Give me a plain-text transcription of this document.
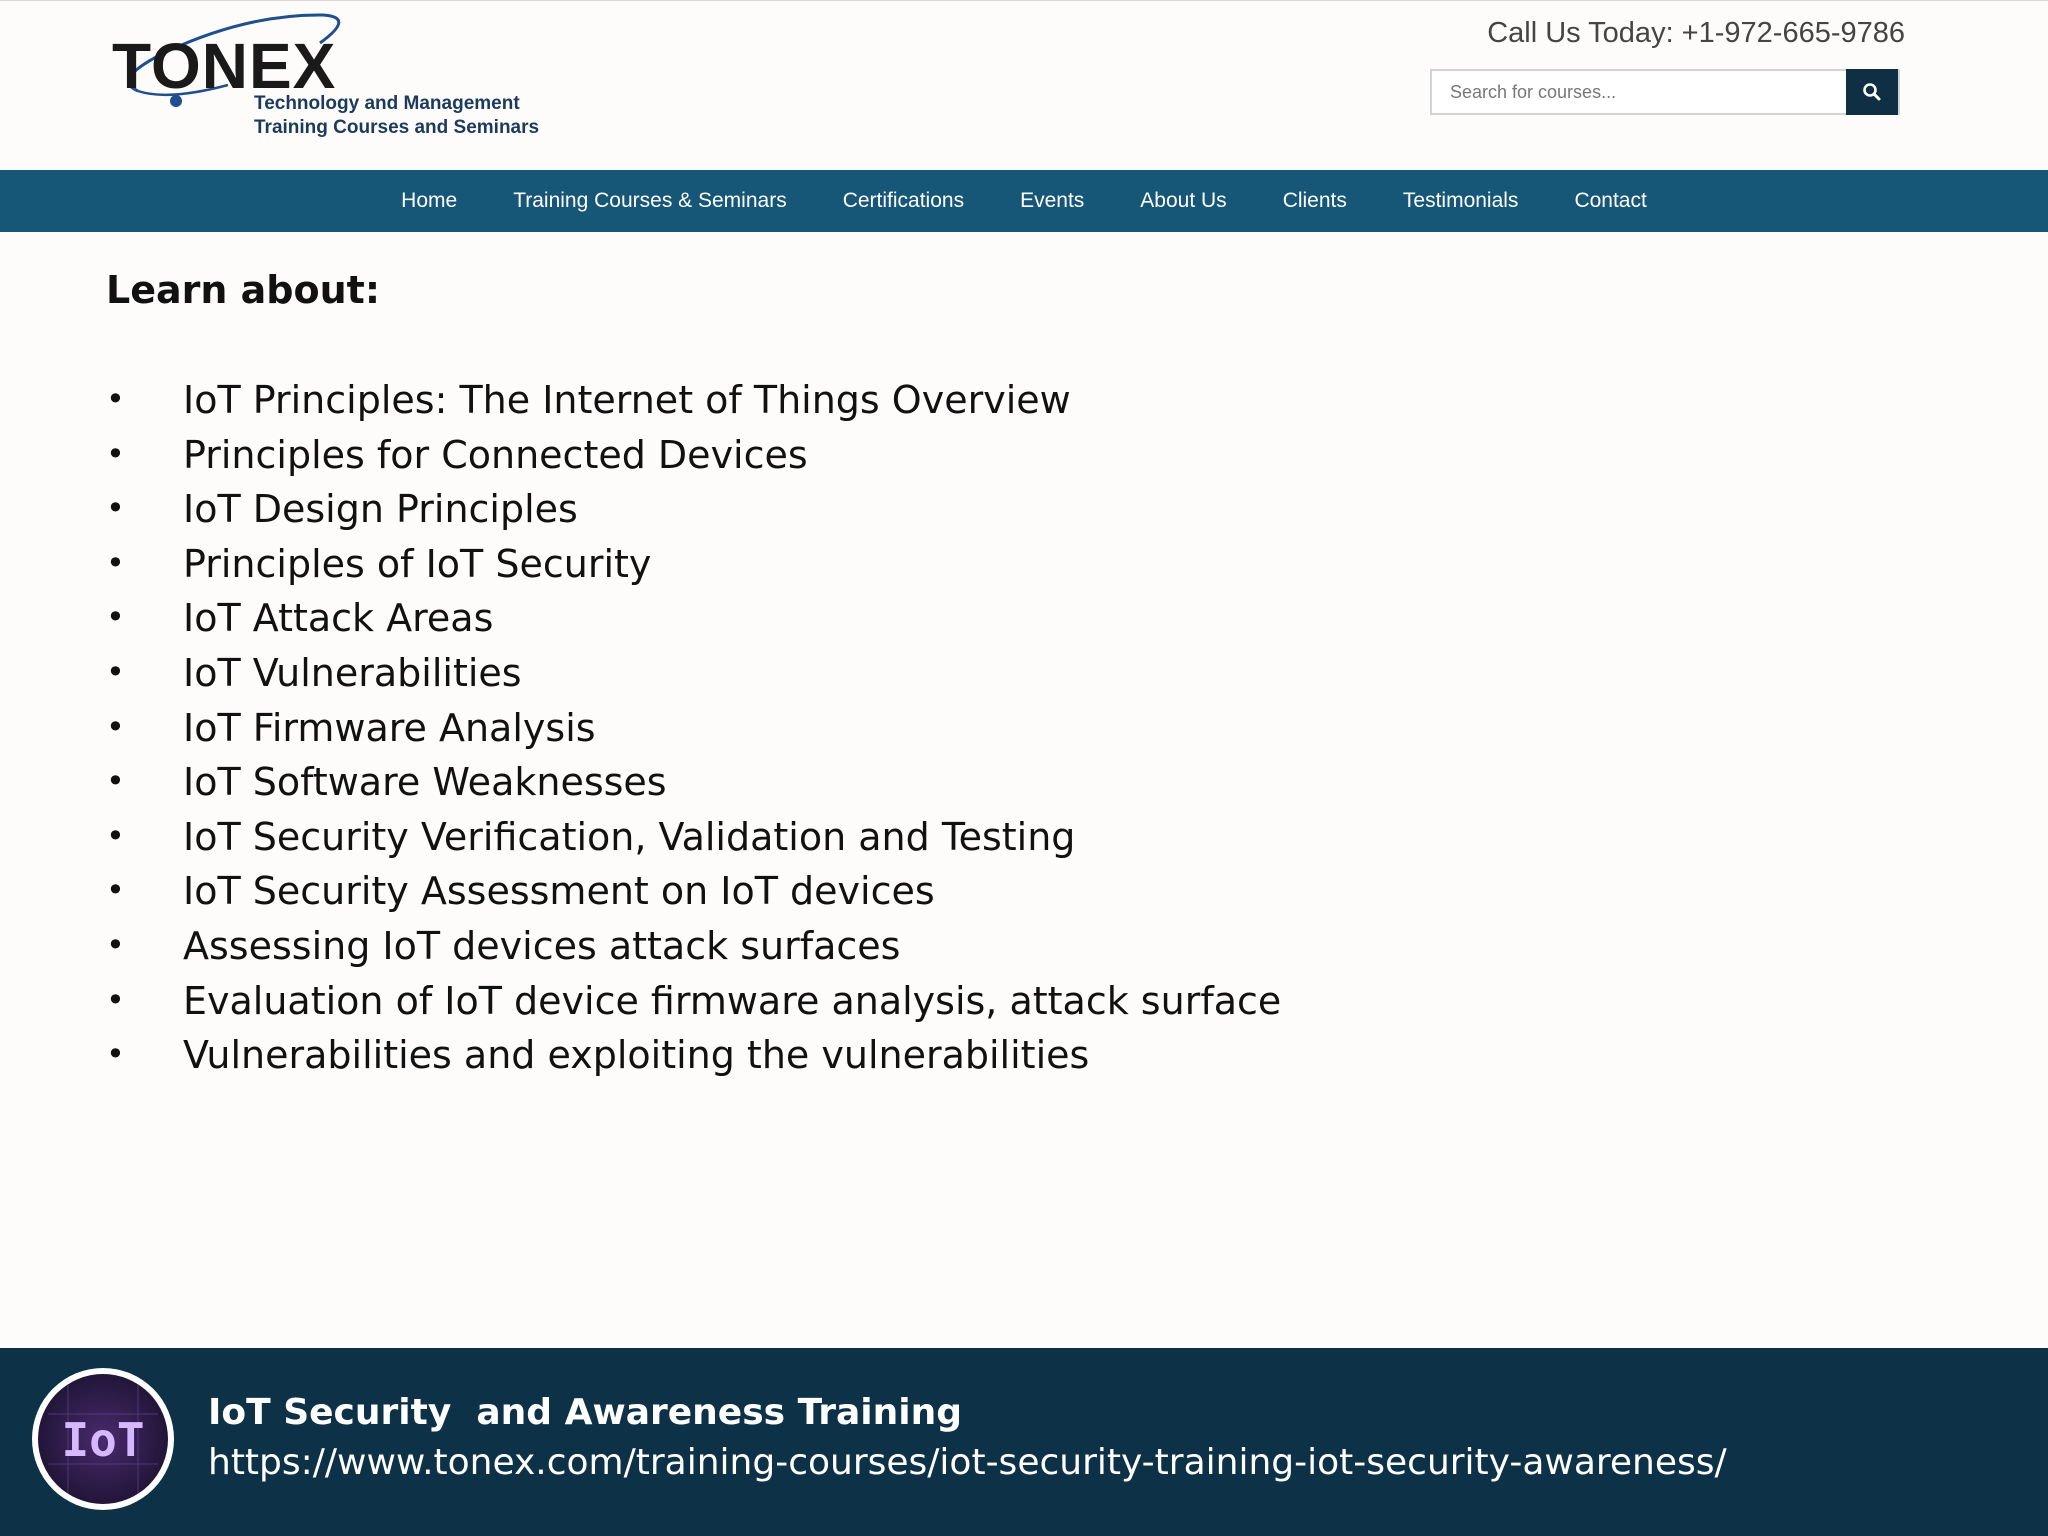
TONEX
Technology and Management
Training Courses and Seminars
Call Us Today: +1-972-665-9786
Search for courses...
Home	Training Courses & Seminars	Certifications	Events	About Us	Clients	Testimonials	Contact
Learn about:
• IoT Principles: The Internet of Things Overview
• Principles for Connected Devices
• IoT Design Principles
• Principles of IoT Security
• IoT Attack Areas
• IoT Vulnerabilities
• IoT Firmware Analysis
• IoT Software Weaknesses
• IoT Security Verification, Validation and Testing
• IoT Security Assessment on IoT devices
• Assessing IoT devices attack surfaces
• Evaluation of IoT device firmware analysis, attack surface
• Vulnerabilities and exploiting the vulnerabilities
IoT
IoT Security  and Awareness Training
https://www.tonex.com/training-courses/iot-security-training-iot-security-awareness/
